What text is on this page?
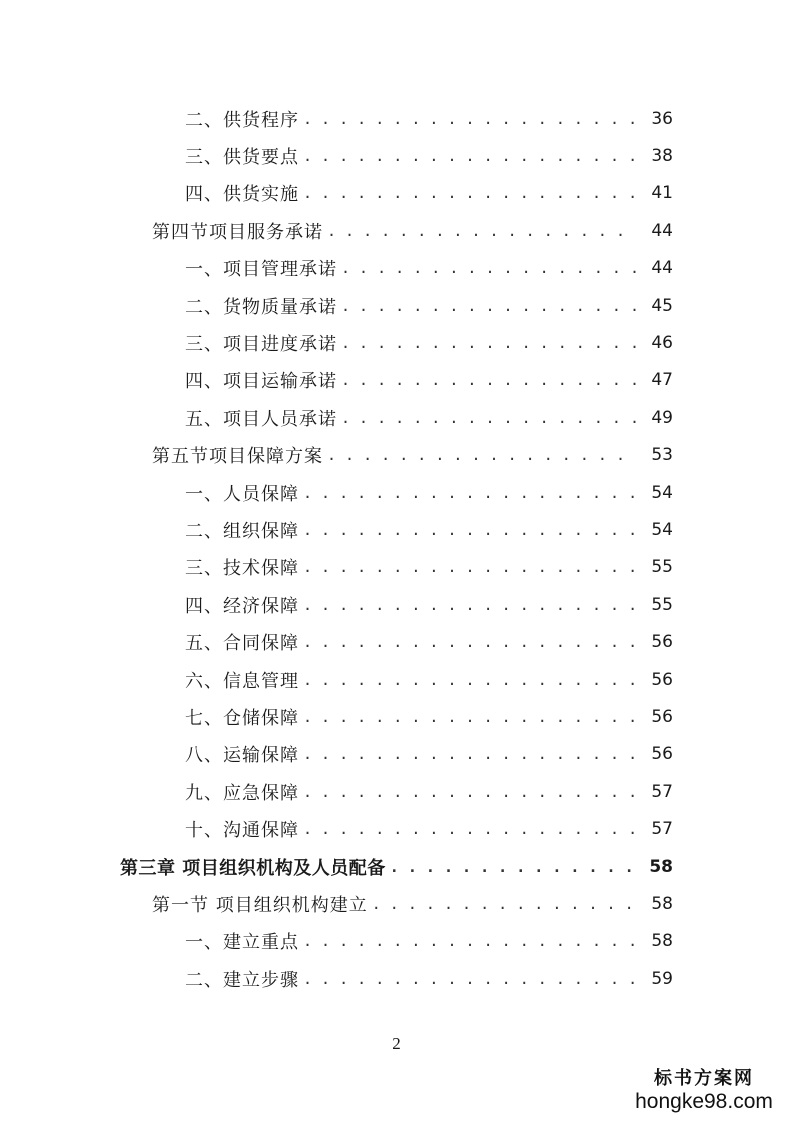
二、供货程序 . . .	36
三、供货要点 . . .	38
四、供货实施 . . .	41
第四节项目服务承诺 . . .	44
一、项目管理承诺 . . .	44
二、货物质量承诺 . . .	45
三、项目进度承诺 . . .	46
四、项目运输承诺 . . .	47
五、项目人员承诺 . . .	49
第五节项目保障方案 . . .	53
一、人员保障 . . .	54
二、组织保障 . . .	54
三、技术保障 . . .	55
四、经济保障 . . .	55
五、合同保障 . . .	56
六、信息管理 . . .	56
七、仓储保障 . . .	56
八、运输保障 . . .	56
九、应急保障 . . .	57
十、沟通保障 . . .	57
第三章 项目组织机构及人员配备 . . .	58
第一节 项目组织机构建立 . . .	58
一、建立重点 . . .	58
二、建立步骤 . . .	59
2
标书方案网
hongke98.com
